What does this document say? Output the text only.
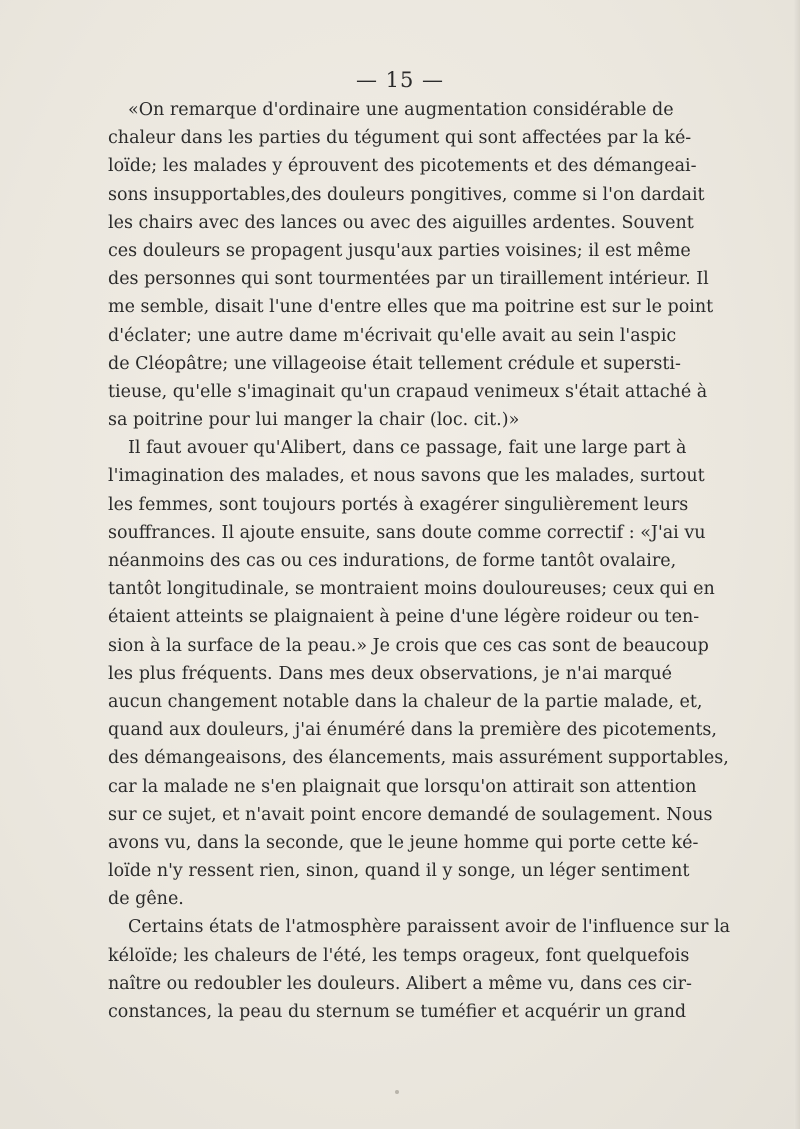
— 15 —
«On remarque d'ordinaire une augmentation considérable de
chaleur dans les parties du tégument qui sont affectées par la ké-
loïde; les malades y éprouvent des picotements et des démangeai-
sons insupportables,des douleurs pongitives, comme si l'on dardait
les chairs avec des lances ou avec des aiguilles ardentes. Souvent
ces douleurs se propagent jusqu'aux parties voisines; il est même
des personnes qui sont tourmentées par un tiraillement intérieur. Il
me semble, disait l'une d'entre elles que ma poitrine est sur le point
d'éclater; une autre dame m'écrivait qu'elle avait au sein l'aspic
de Cléopâtre; une villageoise était tellement crédule et supersti-
tieuse, qu'elle s'imaginait qu'un crapaud venimeux s'était attaché à
sa poitrine pour lui manger la chair (loc. cit.)»
Il faut avouer qu'Alibert, dans ce passage, fait une large part à
l'imagination des malades, et nous savons que les malades, surtout
les femmes, sont toujours portés à exagérer singulièrement leurs
souffrances. Il ajoute ensuite, sans doute comme correctif : «J'ai vu
néanmoins des cas ou ces indurations, de forme tantôt ovalaire,
tantôt longitudinale, se montraient moins douloureuses; ceux qui en
étaient atteints se plaignaient à peine d'une légère roideur ou ten-
sion à la surface de la peau.» Je crois que ces cas sont de beaucoup
les plus fréquents. Dans mes deux observations, je n'ai marqué
aucun changement notable dans la chaleur de la partie malade, et,
quand aux douleurs, j'ai énuméré dans la première des picotements,
des démangeaisons, des élancements, mais assurément supportables,
car la malade ne s'en plaignait que lorsqu'on attirait son attention
sur ce sujet, et n'avait point encore demandé de soulagement. Nous
avons vu, dans la seconde, que le jeune homme qui porte cette ké-
loïde n'y ressent rien, sinon, quand il y songe, un léger sentiment
de gêne.
Certains états de l'atmosphère paraissent avoir de l'influence sur la
kéloïde; les chaleurs de l'été, les temps orageux, font quelquefois
naître ou redoubler les douleurs. Alibert a même vu, dans ces cir-
constances, la peau du sternum se tuméfier et acquérir un grand
